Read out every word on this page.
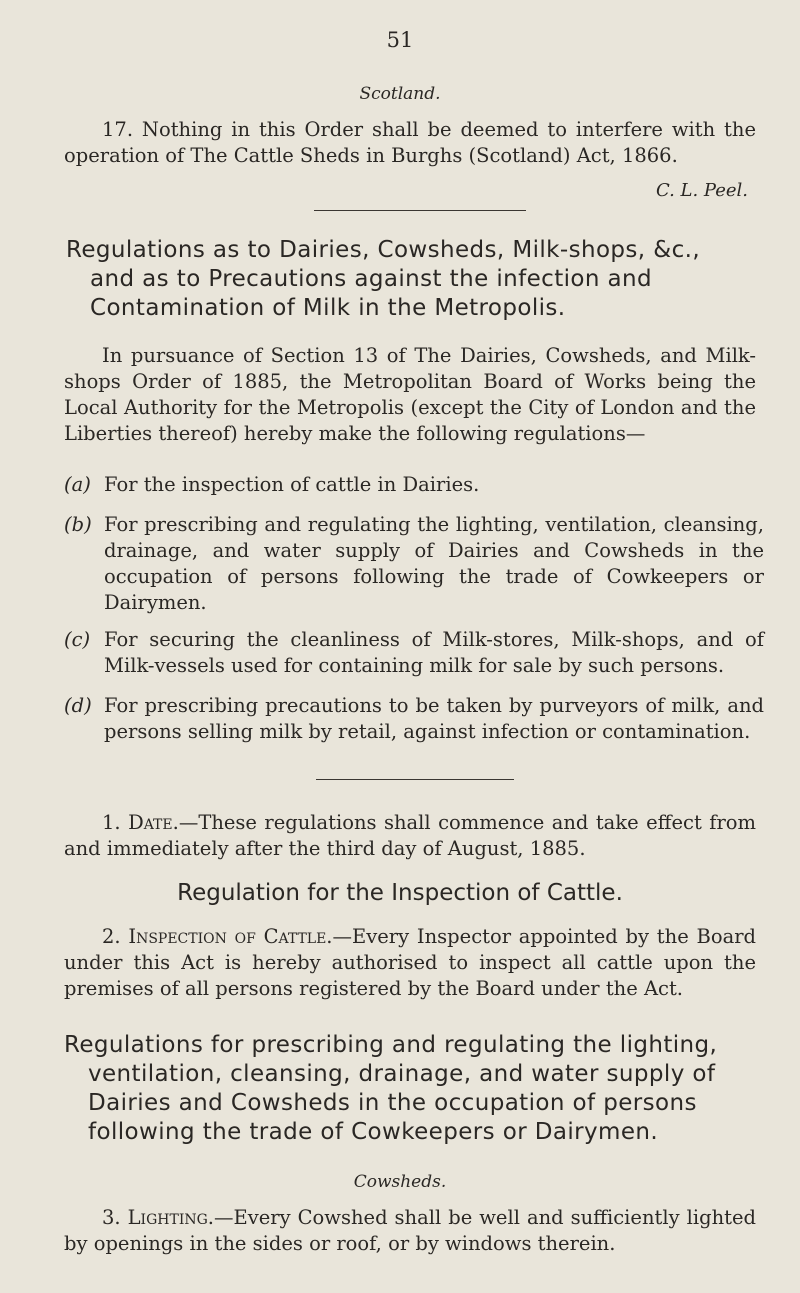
51
Scotland.

17. Nothing in this Order shall be deemed to interfere with the operation of The Cattle Sheds in Burghs (Scotland) Act, 1866.

C. L. Peel.
Regulations as to Dairies, Cowsheds, Milk-shops, &c.,
and as to Precautions against the infection and
Contamination of Milk in the Metropolis.

In pursuance of Section 13 of The Dairies, Cowsheds, and Milk-shops Order of 1885, the Metropolitan Board of Works being the Local Authority for the Metropolis (except the City of London and the Liberties thereof) hereby make the following regulations—

(a) For the inspection of cattle in Dairies.
(b) For prescribing and regulating the lighting, ventilation, cleansing, drainage, and water supply of Dairies and Cowsheds in the occupation of persons following the trade of Cowkeepers or Dairymen.
(c) For securing the cleanliness of Milk-stores, Milk-shops, and of Milk-vessels used for containing milk for sale by such persons.
(d) For prescribing precautions to be taken by purveyors of milk, and persons selling milk by retail, against infection or contamination.

1. Date.—These regulations shall commence and take effect from and immediately after the third day of August, 1885.

Regulation for the Inspection of Cattle.

2. Inspection of Cattle.—Every Inspector appointed by the Board under this Act is hereby authorised to inspect all cattle upon the premises of all persons registered by the Board under the Act.

Regulations for prescribing and regulating the lighting,
ventilation, cleansing, drainage, and water supply of
Dairies and Cowsheds in the occupation of persons
following the trade of Cowkeepers or Dairymen.
Cowsheds.

3. Lighting.—Every Cowshed shall be well and sufficiently lighted by openings in the sides or roof, or by windows therein.
